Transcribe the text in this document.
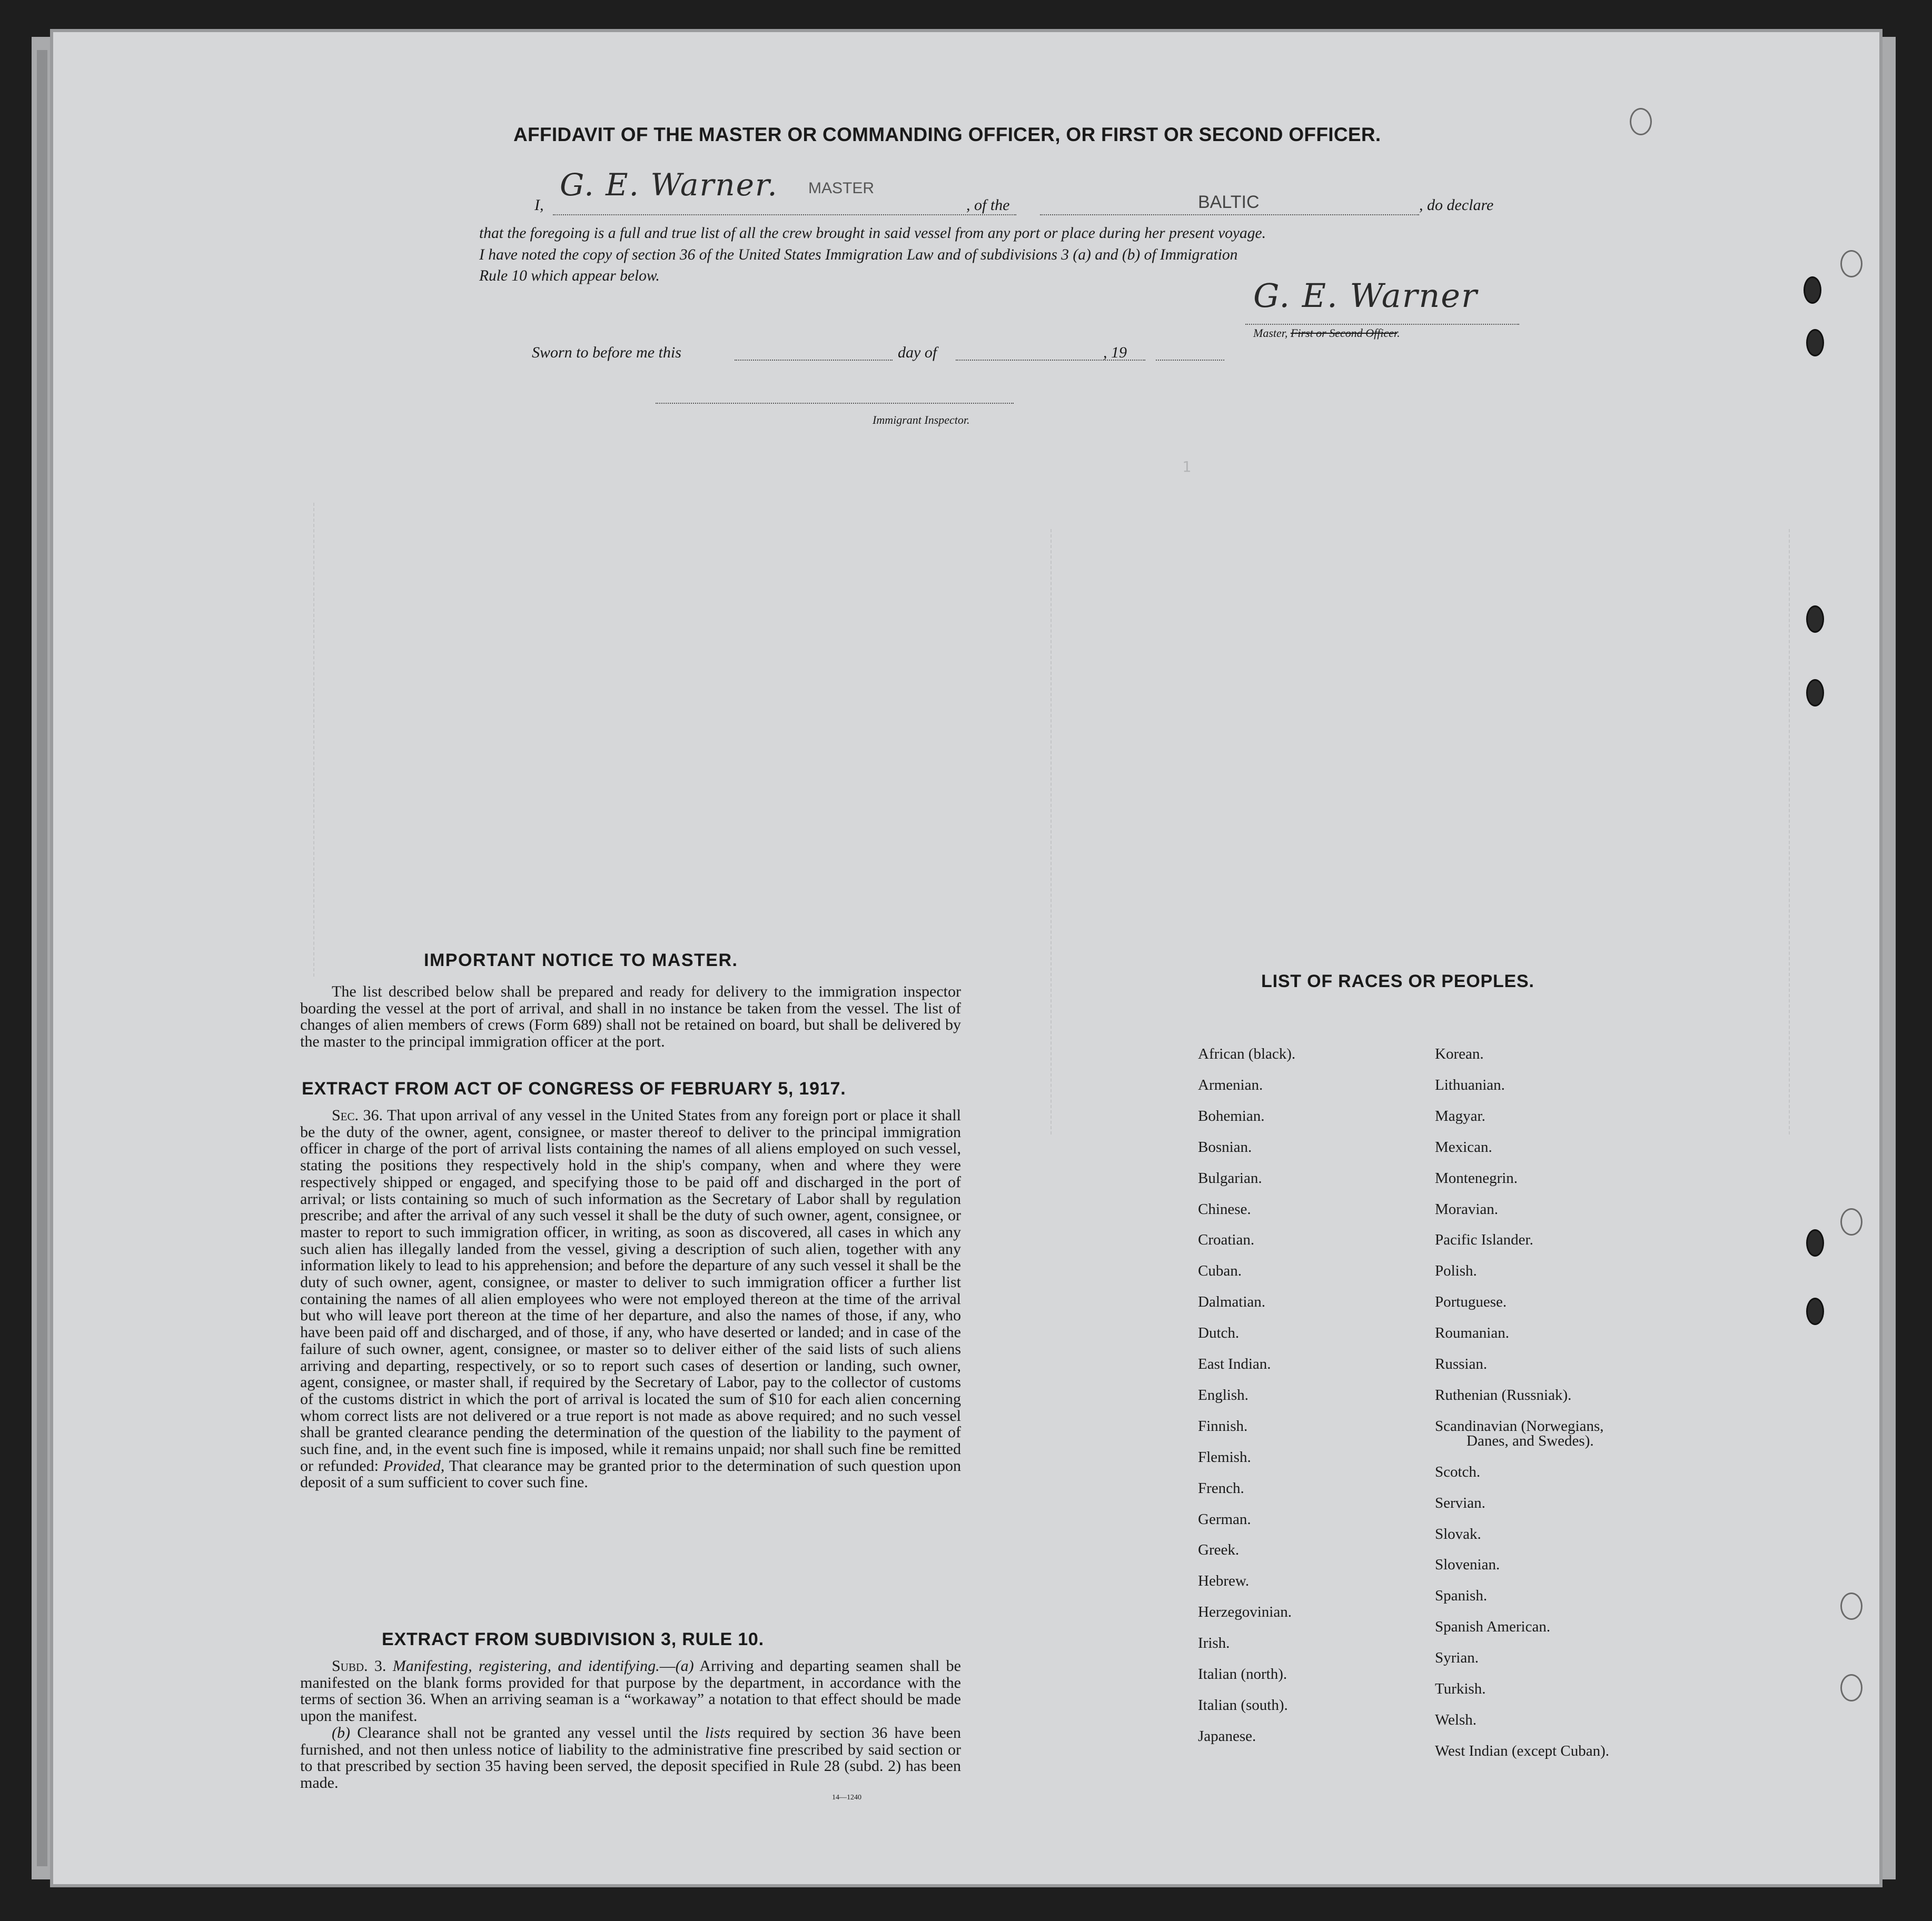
1
AFFIDAVIT OF THE MASTER OR COMMANDING OFFICER, OR FIRST OR SECOND OFFICER.
I,
G. E. Warner. MASTER
, of the	BALTIC	, do declare
that the foregoing is a full and true list of all the crew brought in said vessel from any port or place during her present voyage.
I have noted the copy of section 36 of the United States Immigration Law and of subdivisions 3 (a) and (b) of Immigration
Rule 10 which appear below.
G. E. Warner
Master, First or Second Officer.
Sworn to before me this	day of	, 19
Immigrant Inspector.
IMPORTANT NOTICE TO MASTER.

The list described below shall be prepared and ready for delivery to the immigration inspector boarding the vessel at the port of arrival, and shall in no instance be taken from the vessel. The list of changes of alien members of crews (Form 689) shall not be retained on board, but shall be delivered by the master to the principal immigration officer at the port.

EXTRACT FROM ACT OF CONGRESS OF FEBRUARY 5, 1917.

Sec. 36. That upon arrival of any vessel in the United States from any foreign port or place it shall be the duty of the owner, agent, consignee, or master thereof to deliver to the principal immigration officer in charge of the port of arrival lists containing the names of all aliens employed on such vessel, stating the positions they respectively hold in the ship's company, when and where they were respectively shipped or engaged, and specifying those to be paid off and discharged in the port of arrival; or lists containing so much of such information as the Secretary of Labor shall by regulation prescribe; and after the arrival of any such vessel it shall be the duty of such owner, agent, consignee, or master to report to such immigration officer, in writing, as soon as discovered, all cases in which any such alien has illegally landed from the vessel, giving a description of such alien, together with any information likely to lead to his apprehension; and before the departure of any such vessel it shall be the duty of such owner, agent, consignee, or master to deliver to such immigration officer a further list containing the names of all alien employees who were not employed thereon at the time of the arrival but who will leave port thereon at the time of her departure, and also the names of those, if any, who have been paid off and discharged, and of those, if any, who have deserted or landed; and in case of the failure of such owner, agent, consignee, or master so to deliver either of the said lists of such aliens arriving and departing, respectively, or so to report such cases of desertion or landing, such owner, agent, consignee, or master shall, if required by the Secretary of Labor, pay to the collector of customs of the customs district in which the port of arrival is located the sum of $10 for each alien concerning whom correct lists are not delivered or a true report is not made as above required; and no such vessel shall be granted clearance pending the determination of the question of the liability to the payment of such fine, and, in the event such fine is imposed, while it remains unpaid; nor shall such fine be remitted or refunded: Provided, That clearance may be granted prior to the determination of such question upon deposit of a sum sufficient to cover such fine.

EXTRACT FROM SUBDIVISION 3, RULE 10.

Subd. 3. Manifesting, registering, and identifying.—(a) Arriving and departing seamen shall be manifested on the blank forms provided for that purpose by the department, in accordance with the terms of section 36. When an arriving seaman is a “workaway” a notation to that effect should be made upon the manifest.

(b) Clearance shall not be granted any vessel until the lists required by section 36 have been furnished, and not then unless notice of liability to the administrative fine prescribed by said section or to that prescribed by section 35 having been served, the deposit specified in Rule 28 (subd. 2) has been made.

14—1240
LIST OF RACES OR PEOPLES.
African (black).
Armenian.
Bohemian.
Bosnian.
Bulgarian.
Chinese.
Croatian.
Cuban.
Dalmatian.
Dutch.
East Indian.
English.
Finnish.
Flemish.
French.
German.
Greek.
Hebrew.
Herzegovinian.
Irish.
Italian (north).
Italian (south).
Japanese.
Korean.
Lithuanian.
Magyar.
Mexican.
Montenegrin.
Moravian.
Pacific Islander.
Polish.
Portuguese.
Roumanian.
Russian.
Ruthenian (Russniak).
Scandinavian (Norwegians,
Danes, and Swedes).
Scotch.
Servian.
Slovak.
Slovenian.
Spanish.
Spanish American.
Syrian.
Turkish.
Welsh.
West Indian (except Cuban).
